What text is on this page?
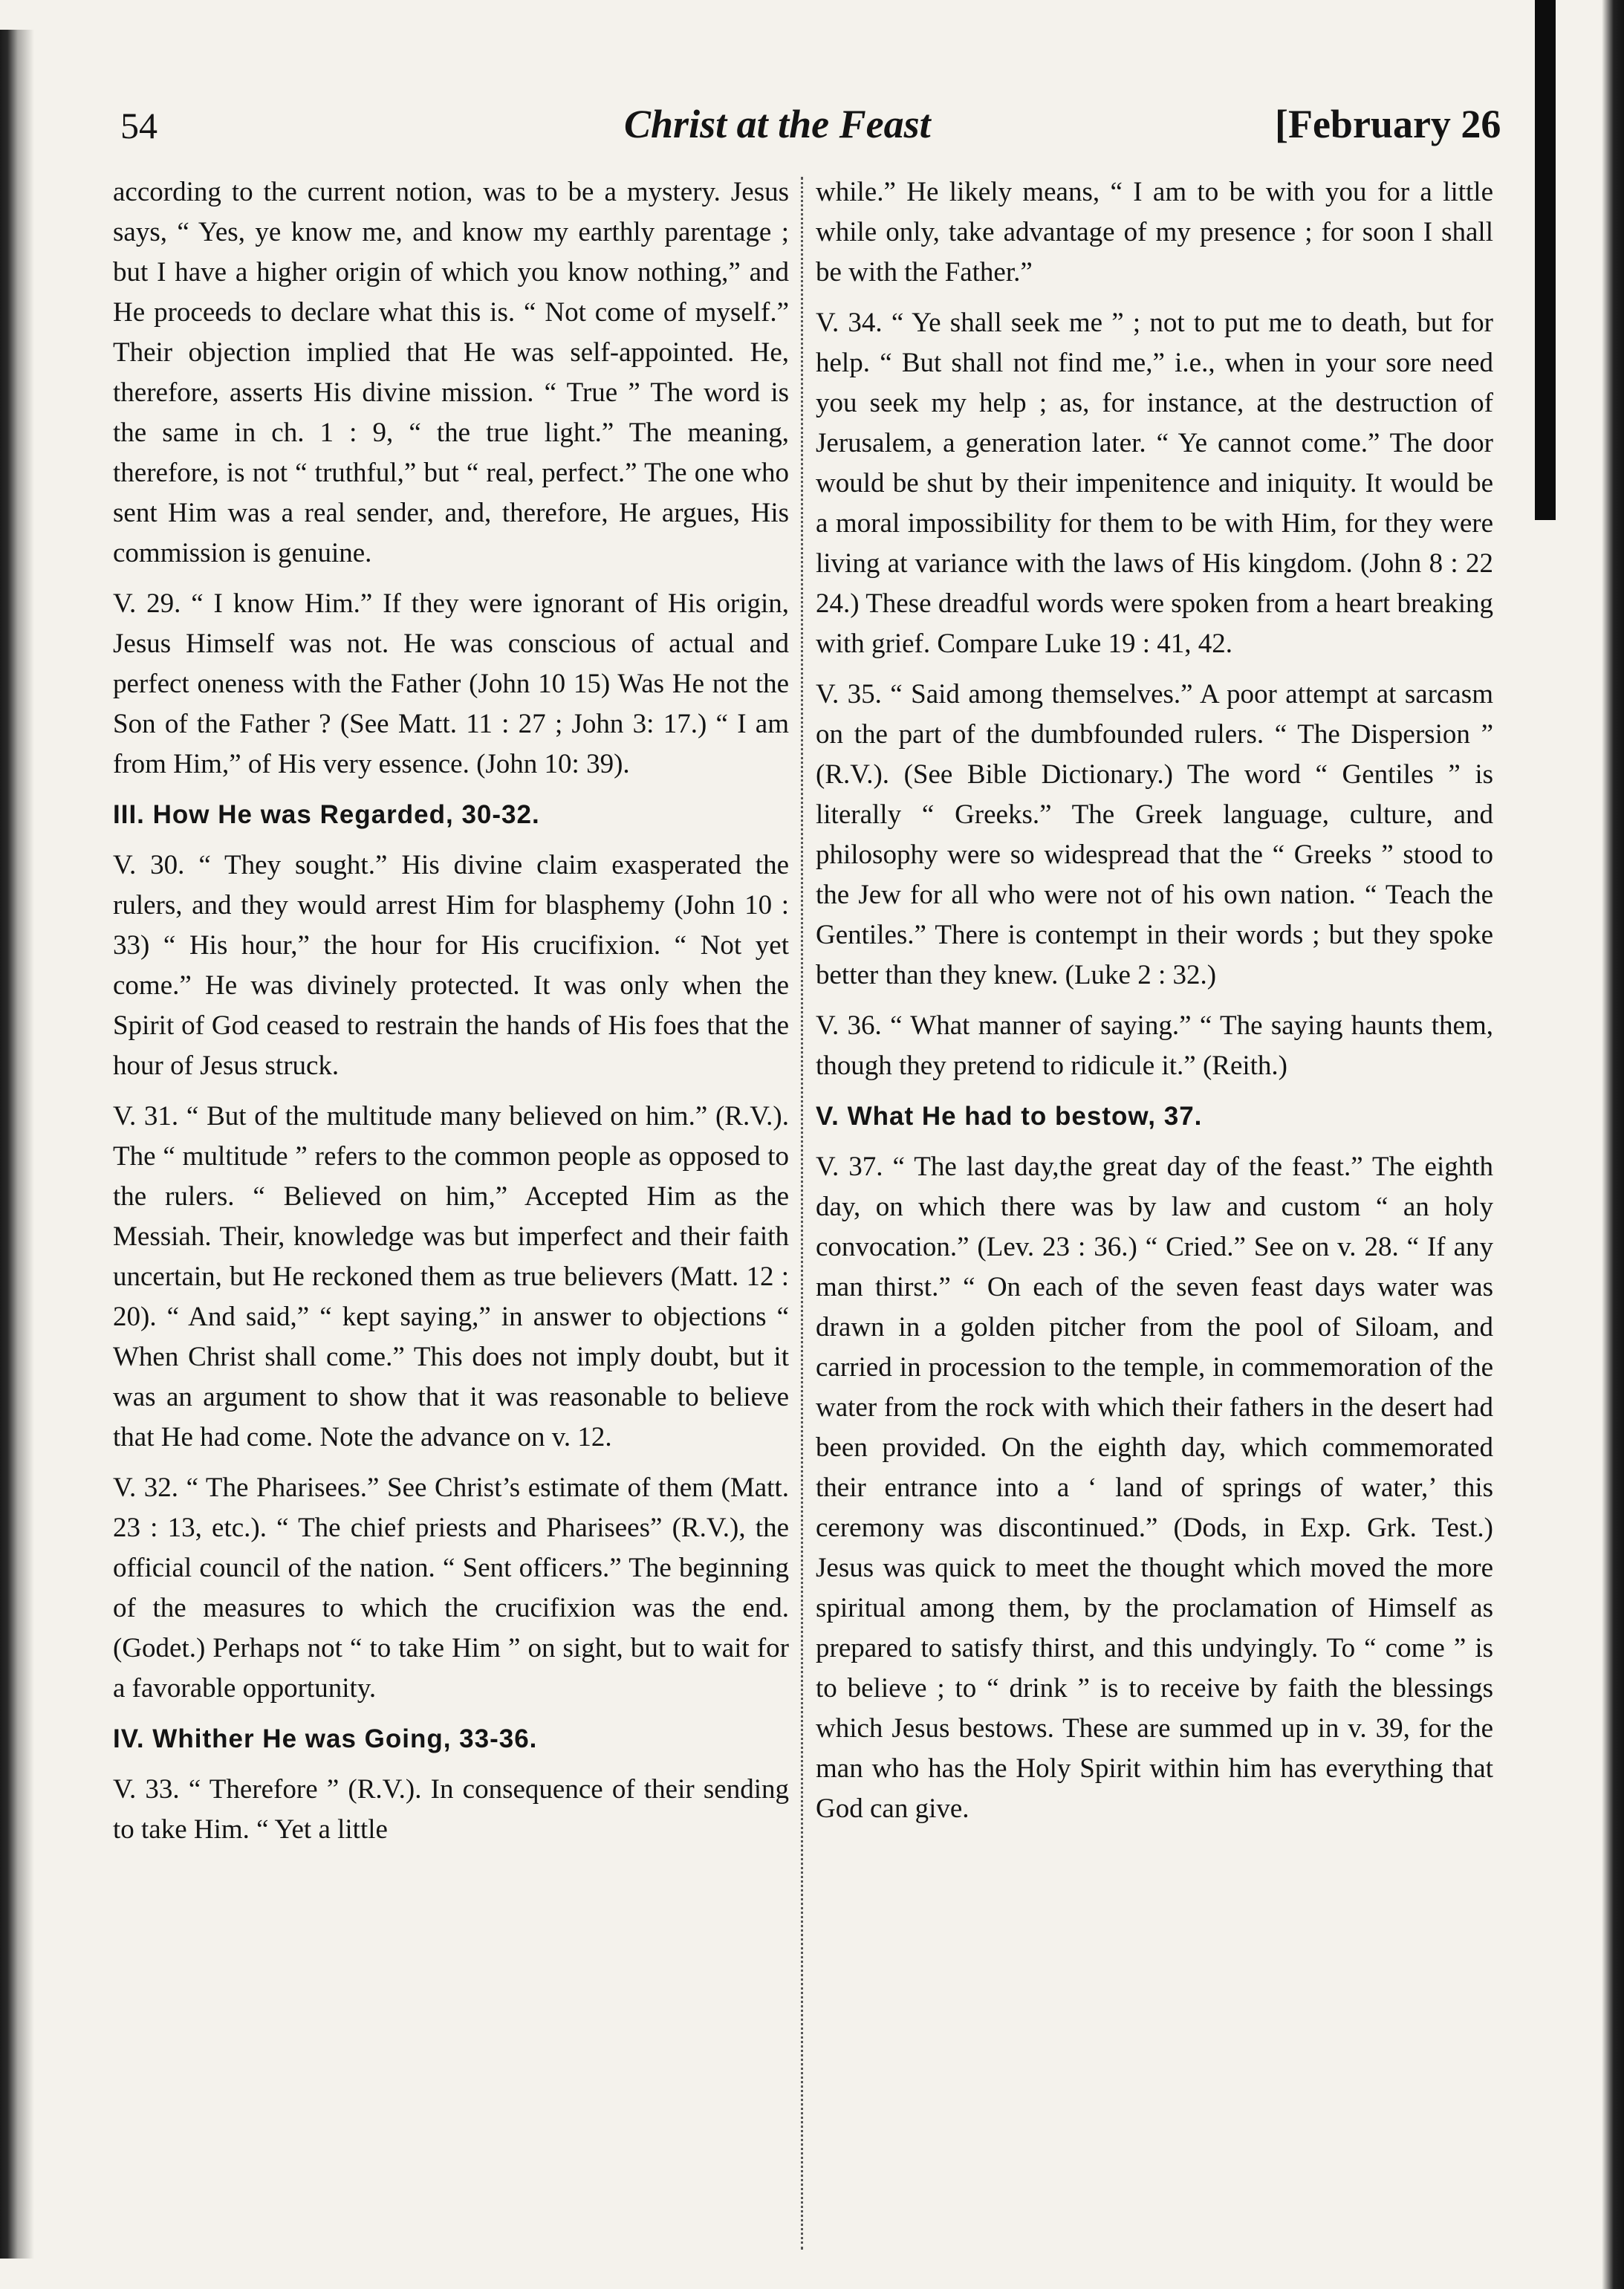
54	Christ at the Feast	[February 26

according to the current notion, was to be a mystery. Jesus says, “ Yes, ye know me, and know my earthly parentage ; but I have a higher origin of which you know nothing,” and He proceeds to declare what this is. “ Not come of myself.” Their objection implied that He was self-appointed. He, therefore, asserts His divine mission. “ True ” The word is the same in ch. 1 : 9, “ the true light.” The meaning, therefore, is not “ truthful,” but “ real, perfect.” The one who sent Him was a real sender, and, therefore, He argues, His commission is genuine.

V. 29. “ I know Him.” If they were ignorant of His origin, Jesus Himself was not. He was conscious of actual and perfect oneness with the Father (John 10 15) Was He not the Son of the Father ? (See Matt. 11 : 27 ; John 3: 17.) “ I am from Him,” of His very essence. (John 10: 39).

III. How He was Regarded, 30-32.

V. 30. “ They sought.” His divine claim exasperated the rulers, and they would arrest Him for blasphemy (John 10 : 33) “ His hour,” the hour for His crucifixion. “ Not yet come.” He was divinely protected. It was only when the Spirit of God ceased to restrain the hands of His foes that the hour of Jesus struck.

V. 31. “ But of the multitude many believed on him.” (R.V.). The “ multitude ” refers to the common people as opposed to the rulers. “ Believed on him,” Accepted Him as the Messiah. Their, knowledge was but imperfect and their faith uncertain, but He reckoned them as true believers (Matt. 12 : 20). “ And said,” “ kept saying,” in answer to objections “ When Christ shall come.” This does not imply doubt, but it was an argument to show that it was reasonable to believe that He had come. Note the advance on v. 12.

V. 32. “ The Pharisees.” See Christ’s estimate of them (Matt. 23 : 13, etc.). “ The chief priests and Pharisees” (R.V.), the official council of the nation. “ Sent officers.” The beginning of the measures to which the crucifixion was the end. (Godet.) Perhaps not “ to take Him ” on sight, but to wait for a favorable opportunity.

IV. Whither He was Going, 33-36.

V. 33. “ Therefore ” (R.V.). In consequence of their sending to take Him. “ Yet a little

while.” He likely means, “ I am to be with you for a little while only, take advantage of my presence ; for soon I shall be with the Father.”

V. 34. “ Ye shall seek me ” ; not to put me to death, but for help. “ But shall not find me,” i.e., when in your sore need you seek my help ; as, for instance, at the destruction of Jerusalem, a generation later. “ Ye cannot come.” The door would be shut by their impenitence and iniquity. It would be a moral impossibility for them to be with Him, for they were living at variance with the laws of His kingdom. (John 8 : 22 24.) These dreadful words were spoken from a heart breaking with grief. Compare Luke 19 : 41, 42.

V. 35. “ Said among themselves.” A poor attempt at sarcasm on the part of the dumbfounded rulers. “ The Dispersion ” (R.V.). (See Bible Dictionary.) The word “ Gentiles ” is literally “ Greeks.” The Greek language, culture, and philosophy were so widespread that the “ Greeks ” stood to the Jew for all who were not of his own nation. “ Teach the Gentiles.” There is contempt in their words ; but they spoke better than they knew. (Luke 2 : 32.)

V. 36. “ What manner of saying.” “ The saying haunts them, though they pretend to ridicule it.” (Reith.)

V. What He had to bestow, 37.

V. 37. “ The last day,the great day of the feast.” The eighth day, on which there was by law and custom “ an holy convocation.” (Lev. 23 : 36.) “ Cried.” See on v. 28. “ If any man thirst.” “ On each of the seven feast days water was drawn in a golden pitcher from the pool of Siloam, and carried in procession to the temple, in commemoration of the water from the rock with which their fathers in the desert had been provided. On the eighth day, which commemorated their entrance into a ‘ land of springs of water,’ this ceremony was discontinued.” (Dods, in Exp. Grk. Test.) Jesus was quick to meet the thought which moved the more spiritual among them, by the proclamation of Himself as prepared to satisfy thirst, and this undyingly. To “ come ” is to believe ; to “ drink ” is to receive by faith the blessings which Jesus bestows. These are summed up in v. 39, for the man who has the Holy Spirit within him has everything that God can give.
